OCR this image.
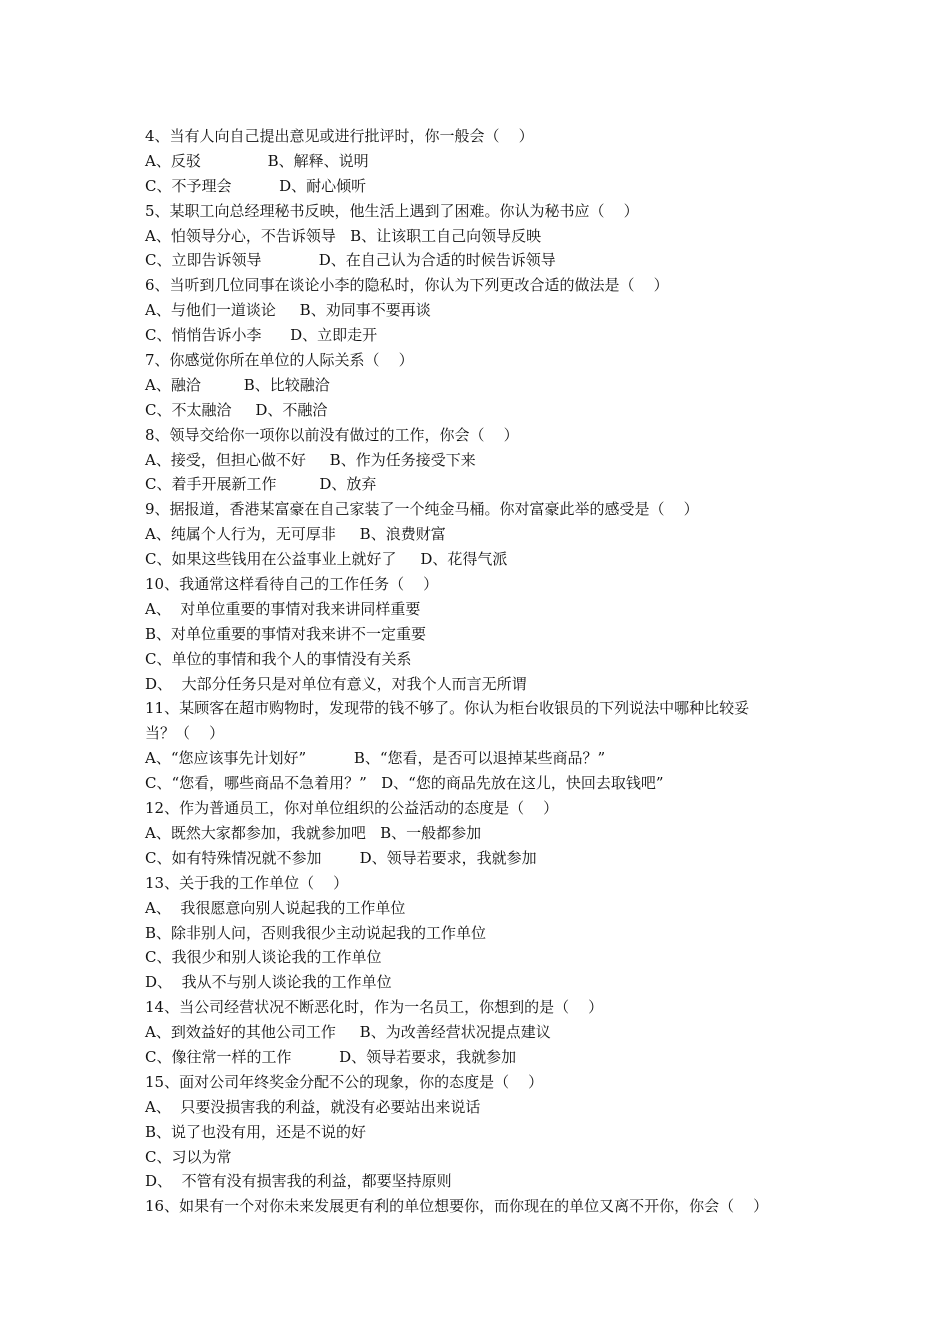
4、当有人向自己提出意见或进行批评时，你一般会（    ）
A、反驳              B、解释、说明
C、不予理会          D、耐心倾听
5、某职工向总经理秘书反映，他生活上遇到了困难。你认为秘书应（    ）
A、怕领导分心，不告诉领导   B、让该职工自己向领导反映
C、立即告诉领导            D、在自己认为合适的时候告诉领导
6、当听到几位同事在谈论小李的隐私时，你认为下列更改合适的做法是（    ）
A、与他们一道谈论     B、劝同事不要再谈
C、悄悄告诉小李      D、立即走开
7、你感觉你所在单位的人际关系（    ）
A、融洽         B、比较融洽
C、不太融洽     D、不融洽
8、领导交给你一项你以前没有做过的工作，你会（    ）
A、接受，但担心做不好     B、作为任务接受下来
C、着手开展新工作         D、放弃
9、据报道，香港某富豪在自己家装了一个纯金马桶。你对富豪此举的感受是（    ）
A、纯属个人行为，无可厚非     B、浪费财富
C、如果这些钱用在公益事业上就好了     D、花得气派
10、我通常这样看待自己的工作任务（    ）
A、  对单位重要的事情对我来讲同样重要
B、对单位重要的事情对我来讲不一定重要
C、单位的事情和我个人的事情没有关系
D、  大部分任务只是对单位有意义，对我个人而言无所谓
11、某顾客在超市购物时，发现带的钱不够了。你认为柜台收银员的下列说法中哪种比较妥
当？（    ）
A、“您应该事先计划好”          B、“您看，是否可以退掉某些商品？”
C、“您看，哪些商品不急着用？”   D、“您的商品先放在这儿，快回去取钱吧”
12、作为普通员工，你对单位组织的公益活动的态度是（    ）
A、既然大家都参加，我就参加吧   B、一般都参加
C、如有特殊情况就不参加        D、领导若要求，我就参加
13、关于我的工作单位（    ）
A、  我很愿意向别人说起我的工作单位
B、除非别人问，否则我很少主动说起我的工作单位
C、我很少和别人谈论我的工作单位
D、  我从不与别人谈论我的工作单位
14、当公司经营状况不断恶化时，作为一名员工，你想到的是（    ）
A、到效益好的其他公司工作     B、为改善经营状况提点建议
C、像往常一样的工作          D、领导若要求，我就参加
15、面对公司年终奖金分配不公的现象，你的态度是（    ）
A、  只要没损害我的利益，就没有必要站出来说话
B、说了也没有用，还是不说的好
C、习以为常
D、  不管有没有损害我的利益，都要坚持原则
16、如果有一个对你未来发展更有利的单位想要你，而你现在的单位又离不开你，你会（    ）
